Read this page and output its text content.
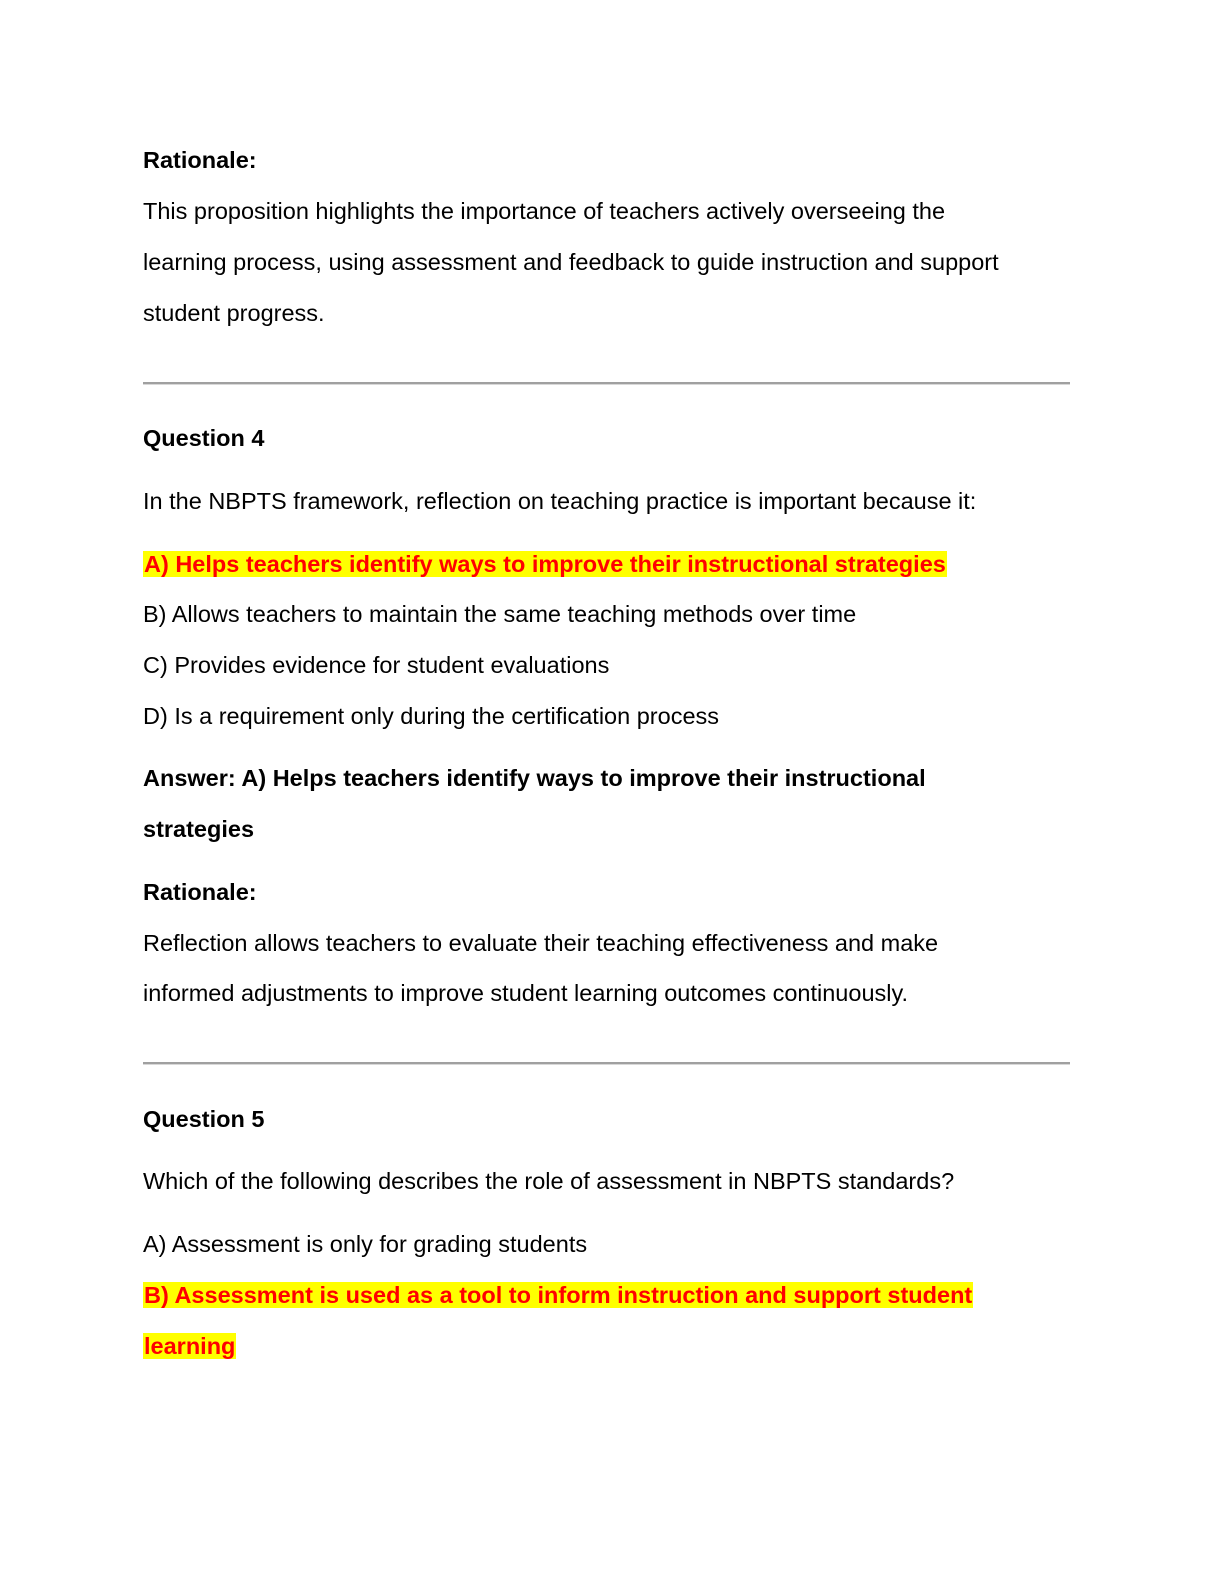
Rationale:
This proposition highlights the importance of teachers actively overseeing the
learning process, using assessment and feedback to guide instruction and support
student progress.
Question 4
In the NBPTS framework, reflection on teaching practice is important because it:
A) Helps teachers identify ways to improve their instructional strategies
B) Allows teachers to maintain the same teaching methods over time
C) Provides evidence for student evaluations
D) Is a requirement only during the certification process
Answer: A) Helps teachers identify ways to improve their instructional
strategies
Rationale:
Reflection allows teachers to evaluate their teaching effectiveness and make
informed adjustments to improve student learning outcomes continuously.
Question 5
Which of the following describes the role of assessment in NBPTS standards?
A) Assessment is only for grading students
B) Assessment is used as a tool to inform instruction and support student
learning
